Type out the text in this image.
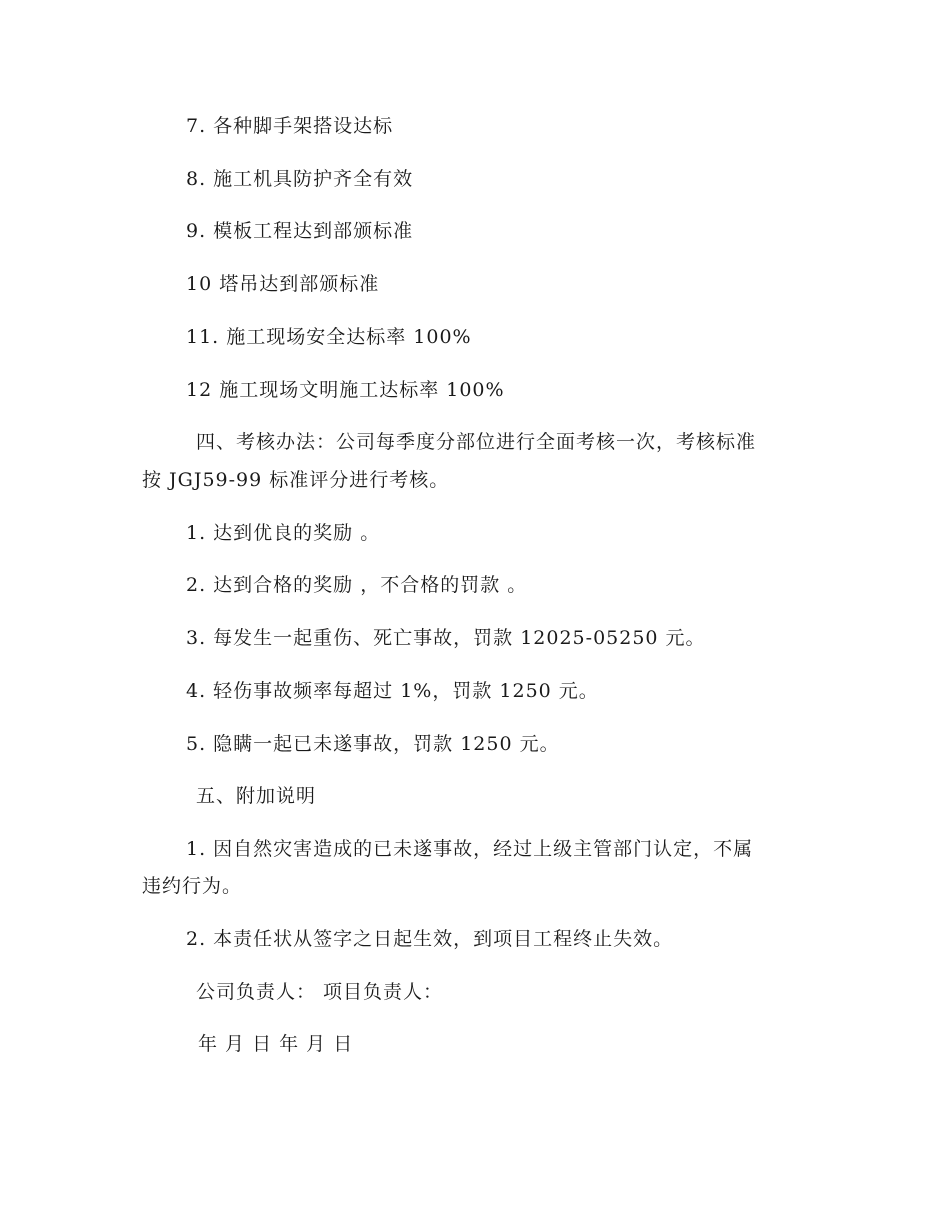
7. 各种脚手架搭设达标
8. 施工机具防护齐全有效
9. 模板工程达到部颁标准
10 塔吊达到部颁标准
11. 施工现场安全达标率 100%
12 施工现场文明施工达标率 100%
四、考核办法：公司每季度分部位进行全面考核一次，考核标准
按 JGJ59-99 标准评分进行考核。
1. 达到优良的奖励 。
2. 达到合格的奖励 ，不合格的罚款 。
3. 每发生一起重伤、死亡事故，罚款 12025-05250 元。
4. 轻伤事故频率每超过 1%，罚款 1250 元。
5. 隐瞒一起已未遂事故，罚款 1250 元。
五、附加说明
1. 因自然灾害造成的已未遂事故，经过上级主管部门认定，不属
违约行为。
2. 本责任状从签字之日起生效，到项目工程终止失效。
公司负责人： 项目负责人：
年 月 日 年 月 日
